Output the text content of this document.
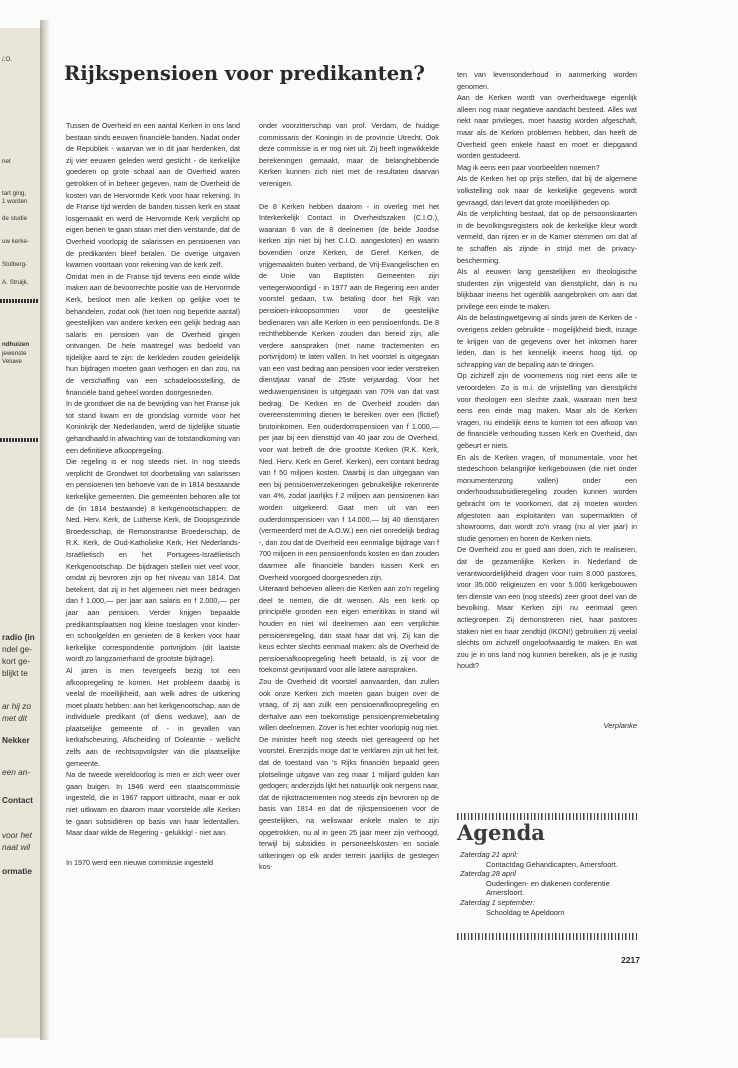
/.O.
net
tart ging,
1 worden
de studie
uw kerke-
Stolberg-
A. Struijk.
ndhuizen
jewenste
Veluwe
radio (in
ndel ge-
kort ge-
blijkt te
ar hij zo
met dit
Nekker
een an-
Contact
voor het
naat wil
ormatie
Rijkspensioen voor predikanten?

Tussen de Overheid en een aantal Kerken in ons land bestaan sinds eeuwen financiële banden. Nadat onder de Republiek - waarvan we in dit jaar herdenken, dat zij vier eeuwen geleden werd gesticht - de kerkelijke goederen op grote schaal aan de Overheid waren getrokken of in beheer gegeven, nam de Overheid de kosten van de Hervormde Kerk voor haar rekening. In de Franse tijd werden de banden tussen kerk en staat losgemaakt en werd de Hervormde Kerk verplicht op eigen benen te gaan staan met dien verstande, dat de Overheid voorlopig de salarissen en pensioenen van de predikanten bleef betalen. De overige uitgaven kwamen voortaan voor rekening van de kerk zelf.

Omdat men in de Franse tijd tevens een einde wilde maken aan de bevoorrechte positie van de Hervormde Kerk, besloot men alle kerken op gelijke voet te behandelen, zodat ook (het toen nog beperkte aantal) geestelijken van andere kerken een gelijk bedrag aan salaris en pensioen van de Overheid gingen ontvangen. De hele maatregel was bedoeld van tijdelijke aard te zijn: de kerkleden zouden geleidelijk hun bijdragen moeten gaan verhogen en dan zou, na de verschaffing van een schadeloosstelling, de financiële band geheel worden doorgesneden.

In de grondwet die na de bevrijding van het Franse juk tot stand kwam en de grondslag vormde voor het Koninkrijk der Nederlanden, werd de tijdelijke situatie gehandhaafd in afwachting van de totstandkoming van een definitieve afkoopregeling.

Die regeling is er nog steeds niet. In nog steeds verplicht de Grondwet tot doorbetaling van salarissen en pensioenen ten behoeve van de in 1814 bestaande kerkelijke gemeenten. Die gemeenten behoren alle tot de (in 1814 bestaande) 8 kerkgenootschappen: de Ned. Herv. Kerk, de Lutherse Kerk, de Doopsgezinde Broederschap, de Remonstrantse Broederschap, de R.K. Kerk, de Oud-Katholieke Kerk, Het Nederlands-Israëlietisch en het Portugees-Israëlietisch Kerkgenootschap. De bijdragen stellen niet veel voor, omdat zij bevroren zijn op het niveau van 1814. Dat betekent, dat zij in het algemeen niet meer bedragen dan f 1.000,— per jaar aan salaris en f 2.000,— per jaar aan pensioen. Verder krijgen bepaalde predikantsplaatsen nog kleine toeslagen voor kinder- en schoolgelden en genieten de 8 kerken voor haar kerkelijke correspondentie portvrijdom (dit laatste wordt zo langzamerhand de grootste bijdrage).

Al jaren is men tevergeefs bezig tot een afkoopregeling te komen. Het probleem daarbij is veelal de moeilijkheid, aan welk adres de uitkering moet plaats hebben: aan het kerkgenootschap, aan de individuele predikant (of diens weduwe), aan de plaatselijke gemeente of - in gevallen van kerkafscheuring, Afscheiding of Doleantie - wellicht zelfs aan de rechtsopvolgster van die plaatselijke gemeente.

Na de tweede wereldoorlog is men er zich weer over gaan buigen. In 1946 werd een staatscommissie ingesteld, die in 1967 rapport uitbracht, maar er ook niet uitkwam en daarom maar voorstelde alle Kerken te gaan subsidiëren op basis van haar ledentallen. Maar daar wilde de Regering - gelukkig! - niet aan.

In 1970 werd een nieuwe commissie ingesteld

onder voorzitterschap van prof. Verdam, de huidige commissaris der Koningin in de provincie Utrecht. Ook deze commissie is er nog niet uit. Zij heeft ingewikkelde berekeningen gemaakt, maar de belanghebbende Kerken kunnen zich niet met de resultaten daarvan verenigen.

De 8 Kerken hebben daarom - in overleg met het Interkerkelijk Contact in Overheidszaken (C.I.O.), waaraan 6 van de 8 deelnemen (de beide Joodse kerken zijn niet bij het C.I.O. aangesloten) en waarin bovendien onze Kerken, de Geref. Kerken, de vrijgemaakten buiten verband, de Vrij-Evangelischen en de Unie van Baptisten Gemeenten zijn vertegenwoordigd - in 1977 aan de Regering een ander voorstel gedaan, t.w. betaling door het Rijk van pensioen-inkoopsommen voor de geestelijke bedienaren van alle Kerken in een pensioenfonds. De 8 rechthebbende Kerken zouden dan bereid zijn, alle verdere aanspraken (met name tractementen en portvrijdom) te laten vallen. In het voorstel is uitgegaan van een vast bedrag aan pensioen voor ieder verstreken dienstjaar vanaf de 25ste verjaardag. Voor het weduwenpensioen is uitgegaan van 70% van dat vast bedrag. De Kerken en de Overheid zouden dan overeenstemming dienen te bereiken over een (fictief) brutoinkomen. Een ouderdomspensioen van f 1.000,— per jaar bij een diensttijd van 40 jaar zou de Overheid, voor wat betreft de drie grootste Kerken (R.K. Kerk, Ned. Herv. Kerk en Geref. Kerken), een contant bedrag van f 50 miljoen kosten. Daarbij is dan uitgegaan van een bij pensioenverzekeringen gebruikelijke rekenrente van 4%, zodat jaarlijks f 2 miljoen aan pensioenen kan worden uitgekeerd. Gaat men uit van een ouderdomspensioen van f 14.000,— bij 40 dienstjaren (vermeerderd met de A.O.W.) een niet onredelijk bedrag -, dan zou dat de Overheid een eenmalige bijdrage van f 700 miljoen in een pensioenfonds kosten en dan zouden daarmee alle financiële banden tussen Kerk en Overheid voorgoed doorgesneden zijn.

Uiteraard behoeven alleen die Kerken aan zo'n regeling deel te nemen, die dit wensen. Als een kerk op principiële gronden een eigen emeritikas in stand wil houden en niet wil deelnemen aan een verplichte pensioenregeling, dan staat haar dat vrij. Zij kan die keus echter slechts eenmaal maken: als de Overheid de pensioenafkoopregeling heeft betaald, is zij voor de toekomst gevrijwaard voor alle latere aanspraken.

Zou de Overheid dit voorstel aanvaarden, dan zullen ook onze Kerken zich moeten gaan buigen over de vraag, of zij aan zulk een pensioenafkoopregeling en derhalve aan een toekomstige pensioenpremiebetaling willen deelnemen. Zover is het echter voorlopig nog niet. De minister heeft nog steeds niet gereageerd op het voorstel. Enerzijds moge dat te verklaren zijn uit het feit, dat de toestand van 's Rijks financiën bepaald geen plotselinge uitgave van zeg maar 1 miljard gulden kan gedogen; anderzijds lijkt het natuurlijk ook nergens naar, dat de rijkstractementen nog steeds zijn bevroren op de basis van 1814 en dat de rijkspensioenen voor de geestelijken, na weliswaar enkele malen te zijn opgetrokken, nu al in geen 25 jaar meer zijn verhoogd, terwijl bij subsidies in personeelskosten en sociale uitkeringen op elk ander terrein jaarlijks de gestegen kos-

ten van levensonderhoud in aanmerking worden genomen.

Aan de Kerken wordt van overheidswege eigenlijk alleen nog maar negatieve aandacht besteed. Alles wat riekt naar privileges, moet haastig worden afgeschaft, maar als de Kerken problemen hebben, dan heeft de Overheid geen enkele haast en moet er diepgaand worden gestudeerd.

Mag ik eens een paar voorbeelden noemen?

Als de Kerken het op prijs stellen, dat bij de algemene volkstelling ook naar de kerkelijke gegevens wordt gevraagd, dan levert dat grote moeilijkheden op.

Als de verplichting bestaat, dat op de persoonskaarten in de bevolkingsregisters ook de kerkelijke kleur wordt vermeld, dan rijzen er in de Kamer stemmen om dat af te schaffen als zijnde in strijd met de privacy-bescherming.

Als al eeuwen lang geestelijken en theologische studenten zijn vrijgesteld van dienstplicht, dan is nu blijkbaar ineens het ogenblik aangebroken om aan dat privilege een einde te maken.

Als de belastingwetgeving al sinds jaren de Kerken de - overigens zelden gebruikte - mogelijkheid biedt, inzage te krijgen van de gegevens over het inkomen harer leden, dan is het kennelijk ineens hoog tijd, op schrapping van de bepaling aan te dringen.

Op zichzelf zijn de voornemens nog niet eens alle te veroordelen. Zo is m.i. de vrijstelling van dienstplicht voor theologen een slechte zaak, waaraan men best eens een einde mag maken. Maar als de Kerken vragen, nu eindelijk eens te komen tot een afkoop van de financiële verhouding tussen Kerk en Overheid, dan gebeurt er niets.

En als de Kerken vragen, of monumentale, voor het stedeschoon belangrijke kerkgebouwen (die niet onder monumentenzorg vallen) onder een onderhoudssubsidieregeling zouden kunnen worden gebracht om te voorkomen, dat zij moeten worden afgestoten aan exploitanten van supermarkten of showrooms, dan wordt zo'n vraag (nu al vier jaar) in studie genomen en horen de Kerken niets.

De Overheid zou er goed aan doen, zich te realiseren, dat de gezamenlijke Kerken in Nederland de verantwoordelijkheid dragen voor ruim 8.000 pastores, voor 35.000 religieuzen en voor 5.000 kerkgebouwen ten dienste van een (nog steeds) zeer groot deel van de bevolking. Maar Kerken zijn nu eenmaal geen actiegroepen. Zij demonstreren niet, haar pastores staken niet en haar zendtijd (IKON!) gebruiken zij veelal slechts om zichzelf ongeloofwaardig te maken. En wat zou je in ons land nog kunnen bereiken, als je je rustig houdt?

Verplanke
Agenda
Zaterdag 21 april:
Contactdag Gehandicapten, Amersfoort.
Zaterdag 28 april
Ouderlingen- en diakenen conferentie
Amersfoort.
Zaterdag 1 september:
Schooldag te Apeldoorn
2217
